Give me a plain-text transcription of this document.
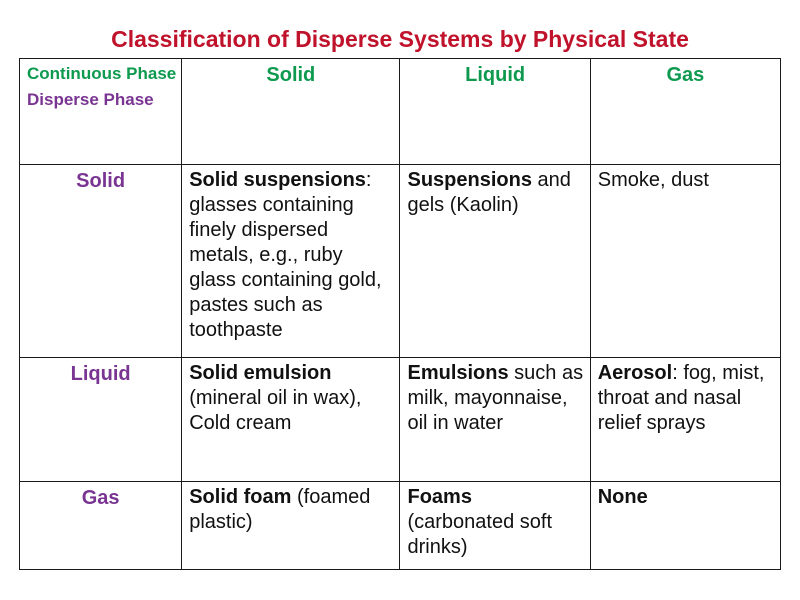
Classification of Disperse Systems by Physical State
Continuous Phase
Disperse Phase	Solid	Liquid	Gas
Solid	Solid suspensions: glasses containing finely dispersed metals, e.g., ruby glass containing gold, pastes such as toothpaste	Suspensions and gels (Kaolin)	Smoke, dust
Liquid	Solid emulsion (mineral oil in wax), Cold cream	Emulsions such as milk, mayonnaise, oil in water	Aerosol: fog, mist, throat and nasal relief sprays
Gas	Solid foam (foamed plastic)	Foams (carbonated soft drinks)	None
